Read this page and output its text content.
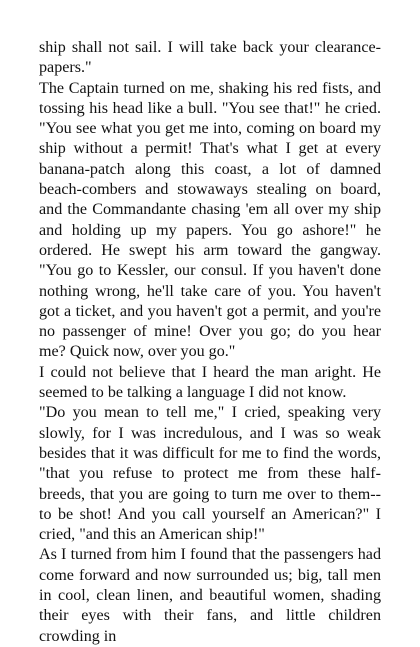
ship shall not sail. I will take back your clearance-papers."

The Captain turned on me, shaking his red fists, and tossing his head like a bull. "You see that!" he cried. "You see what you get me into, coming on board my ship without a permit! That's what I get at every banana-patch along this coast, a lot of damned beach-combers and stowaways stealing on board, and the Commandante chasing 'em all over my ship and holding up my papers. You go ashore!" he ordered. He swept his arm toward the gangway. "You go to Kessler, our consul. If you haven't done nothing wrong, he'll take care of you. You haven't got a ticket, and you haven't got a permit, and you're no passenger of mine! Over you go; do you hear me? Quick now, over you go."

I could not believe that I heard the man aright. He seemed to be talking a language I did not know.

"Do you mean to tell me," I cried, speaking very slowly, for I was incredulous, and I was so weak besides that it was difficult for me to find the words, "that you refuse to protect me from these half-breeds, that you are going to turn me over to them--to be shot! And you call yourself an American?" I cried, "and this an American ship!"

As I turned from him I found that the passengers had come forward and now surrounded us; big, tall men in cool, clean linen, and beautiful women, shading their eyes with their fans, and little children crowding in
